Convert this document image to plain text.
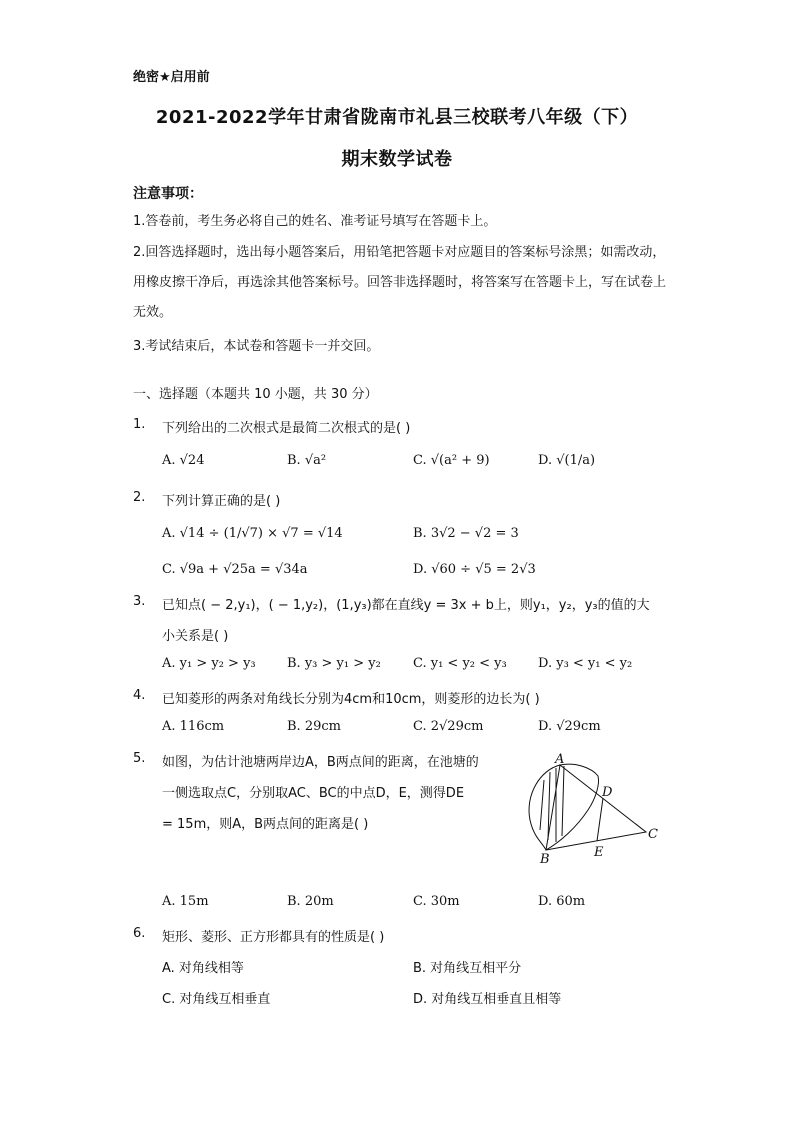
绝密★启用前
2021-2022学年甘肃省陇南市礼县三校联考八年级（下）
期末数学试卷
注意事项：
1.答卷前，考生务必将自己的姓名、准考证号填写在答题卡上。
2.回答选择题时，选出每小题答案后，用铅笔把答题卡对应题目的答案标号涂黑；如需改动，用橡皮擦干净后，再选涂其他答案标号。回答非选择题时，将答案写在答题卡上，写在试卷上无效。
3.考试结束后，本试卷和答题卡一并交回。
一、选择题（本题共 10 小题，共 30 分）
1. 下列给出的二次根式是最简二次根式的是( )
A. √24	B. √a²	C. √(a² + 9)	D. √(1/a)
2. 下列计算正确的是( )
A. √14 ÷ (1/√7) × √7 = √14	B. 3√2 − √2 = 3
C. √9a + √25a = √34a	D. √60 ÷ √5 = 2√3
3. 已知点( − 2,y₁)，( − 1,y₂)，(1,y₃)都在直线y = 3x + b上，则y₁，y₂，y₃的值的大
小关系是( )
A. y₁ > y₂ > y₃ B. y₃ > y₁ > y₂ C. y₁ < y₂ < y₃ D. y₃ < y₁ < y₂
4. 已知菱形的两条对角线长分别为4cm和10cm，则菱形的边长为( )
A. 116cm	B. 29cm	C. 2√29cm	D. √29cm
5. 如图，为估计池塘两岸边A，B两点间的距离，在池塘的
一侧选取点C，分别取AC、BC的中点D，E，测得DE
= 15m，则A，B两点间的距离是( )
A
B
C
D
E
A. 15m	B. 20m	C. 30m	D. 60m
6. 矩形、菱形、正方形都具有的性质是( )
A. 对角线相等	B. 对角线互相平分
C. 对角线互相垂直	D. 对角线互相垂直且相等
